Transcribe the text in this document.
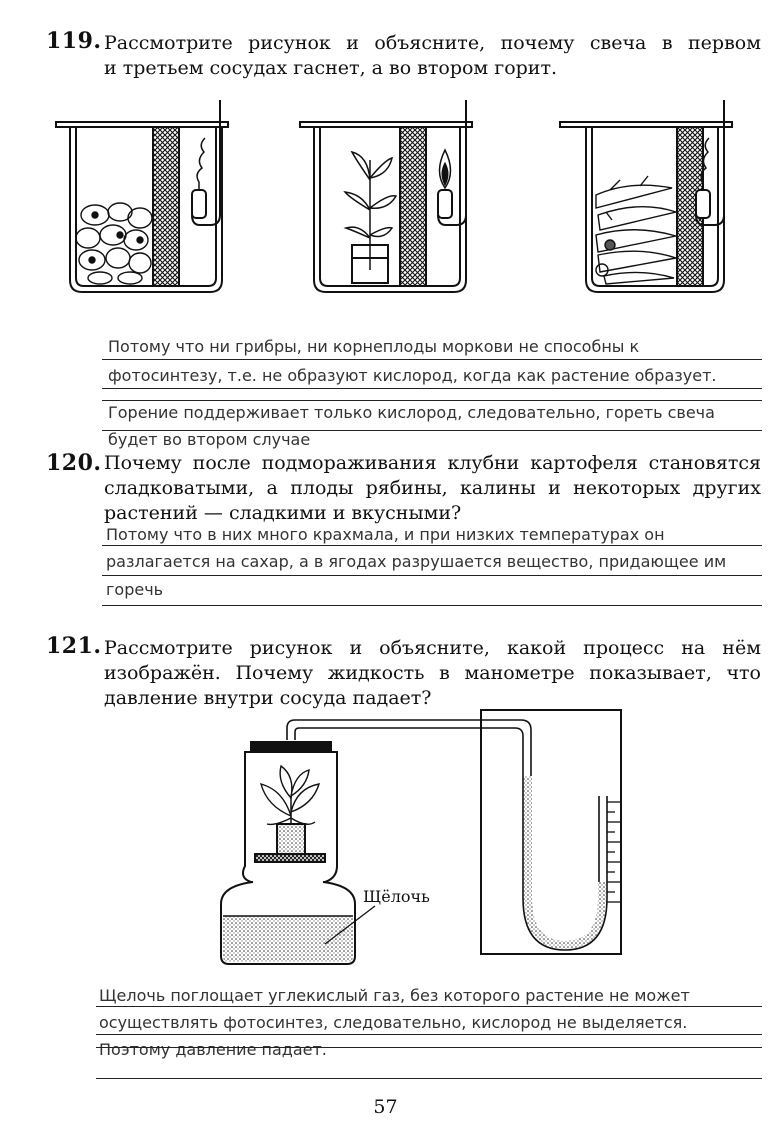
119. Рассмотрите рисунок и объясните, почему свеча в первом
и третьем сосудах гаснет, а во втором горит.
Потому что ни грибры, ни корнеплоды моркови не способны к
фотосинтезу, т.е. не образуют кислород, когда как растение образует.
Горение поддерживает только кислород, следовательно, гореть свеча
будет во втором случае
120. Почему после подмораживания клубни картофеля становятся
сладковатыми, а плоды рябины, калины и некоторых других
растений — сладкими и вкусными?
Потому что в них много крахмала, и при низких температурах он
разлагается на сахар, а в ягодах разрушается вещество, придающее им
горечь
121. Рассмотрите рисунок и объясните, какой процесс на нём
изображён. Почему жидкость в манометре показывает, что
давление внутри сосуда падает?
Щёлочь
Щелочь поглощает углекислый газ, без которого растение не может
осуществлять фотосинтез, следовательно, кислород не выделяется.
Поэтому давление падает.
57
